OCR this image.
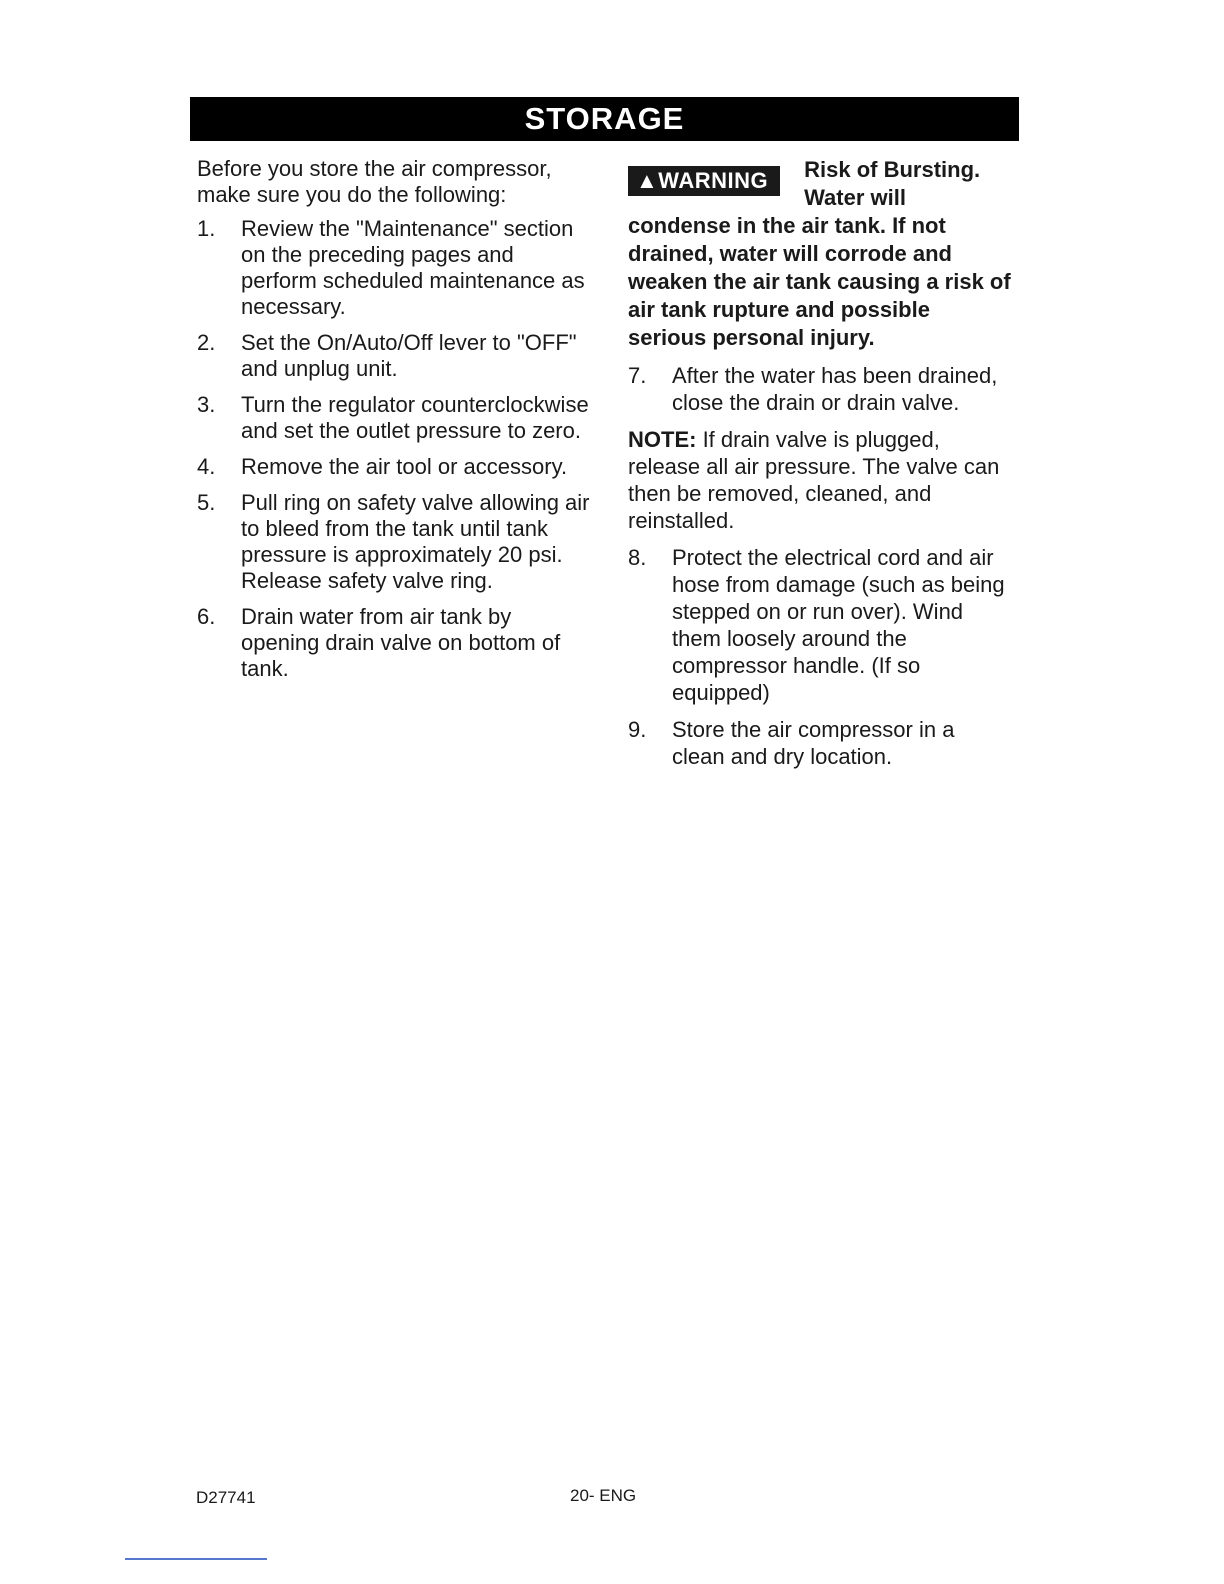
STORAGE

Before you store the air compressor, make sure you do the following:

1.	Review the "Maintenance" section on the preceding pages and perform scheduled maintenance as necessary.
2.	Set the On/Auto/Off lever to "OFF" and unplug unit.
3.	Turn the regulator counterclockwise and set the outlet pressure to zero.
4.	Remove the air tool or accessory.
5.	Pull ring on safety valve allowing air to bleed from the tank until tank pressure is approximately 20 psi. Release safety valve ring.
6.	Drain water from air tank by opening drain valve on bottom of tank.
▲WARNING	Risk of Bursting. Water will condense in the air tank. If not drained, water will corrode and weaken the air tank causing a risk of air tank rupture and possible serious personal injury.

7.	After the water has been drained, close the drain or drain valve.

NOTE: If drain valve is plugged, release all air pressure. The valve can then be removed, cleaned, and reinstalled.

8.	Protect the electrical cord and air hose from damage (such as being stepped on or run over). Wind them loosely around the compressor handle. (If so equipped)
9.	Store the air compressor in a clean and dry location.
D27741	20- ENG
